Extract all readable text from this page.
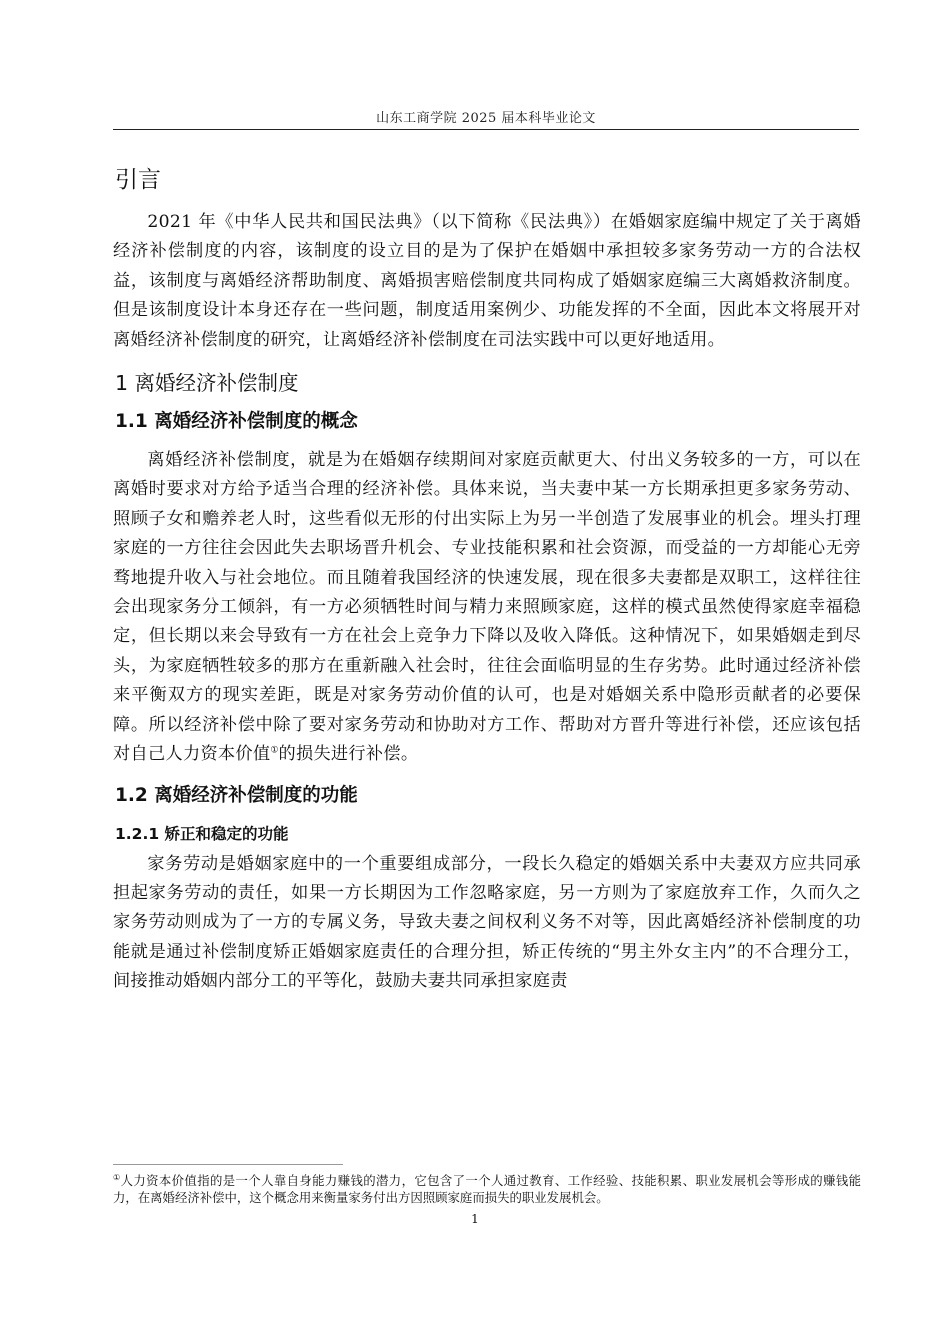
山东工商学院 2025 届本科毕业论文
引言

2021 年《中华人民共和国民法典》（以下简称《民法典》）在婚姻家庭编中规定了关于离婚经济补偿制度的内容，该制度的设立目的是为了保护在婚姻中承担较多家务劳动一方的合法权益，该制度与离婚经济帮助制度、离婚损害赔偿制度共同构成了婚姻家庭编三大离婚救济制度。但是该制度设计本身还存在一些问题，制度适用案例少、功能发挥的不全面，因此本文将展开对离婚经济补偿制度的研究，让离婚经济补偿制度在司法实践中可以更好地适用。

1 离婚经济补偿制度
1.1 离婚经济补偿制度的概念

离婚经济补偿制度，就是为在婚姻存续期间对家庭贡献更大、付出义务较多的一方，可以在离婚时要求对方给予适当合理的经济补偿。具体来说，当夫妻中某一方长期承担更多家务劳动、照顾子女和赡养老人时，这些看似无形的付出实际上为另一半创造了发展事业的机会。埋头打理家庭的一方往往会因此失去职场晋升机会、专业技能积累和社会资源，而受益的一方却能心无旁骛地提升收入与社会地位。而且随着我国经济的快速发展，现在很多夫妻都是双职工，这样往往会出现家务分工倾斜，有一方必须牺牲时间与精力来照顾家庭，这样的模式虽然使得家庭幸福稳定，但长期以来会导致有一方在社会上竞争力下降以及收入降低。这种情况下，如果婚姻走到尽头，为家庭牺牲较多的那方在重新融入社会时，往往会面临明显的生存劣势。此时通过经济补偿来平衡双方的现实差距，既是对家务劳动价值的认可，也是对婚姻关系中隐形贡献者的必要保障。所以经济补偿中除了要对家务劳动和协助对方工作、帮助对方晋升等进行补偿，还应该包括对自己人力资本价值①的损失进行补偿。

1.2 离婚经济补偿制度的功能
1.2.1 矫正和稳定的功能

家务劳动是婚姻家庭中的一个重要组成部分，一段长久稳定的婚姻关系中夫妻双方应共同承担起家务劳动的责任，如果一方长期因为工作忽略家庭，另一方则为了家庭放弃工作，久而久之家务劳动则成为了一方的专属义务，导致夫妻之间权利义务不对等，因此离婚经济补偿制度的功能就是通过补偿制度矫正婚姻家庭责任的合理分担，矫正传统的“男主外女主内”的不合理分工，间接推动婚姻内部分工的平等化，鼓励夫妻共同承担家庭责

①人力资本价值指的是一个人靠自身能力赚钱的潜力，它包含了一个人通过教育、工作经验、技能积累、职业发展机会等形成的赚钱能力，在离婚经济补偿中，这个概念用来衡量家务付出方因照顾家庭而损失的职业发展机会。
1
